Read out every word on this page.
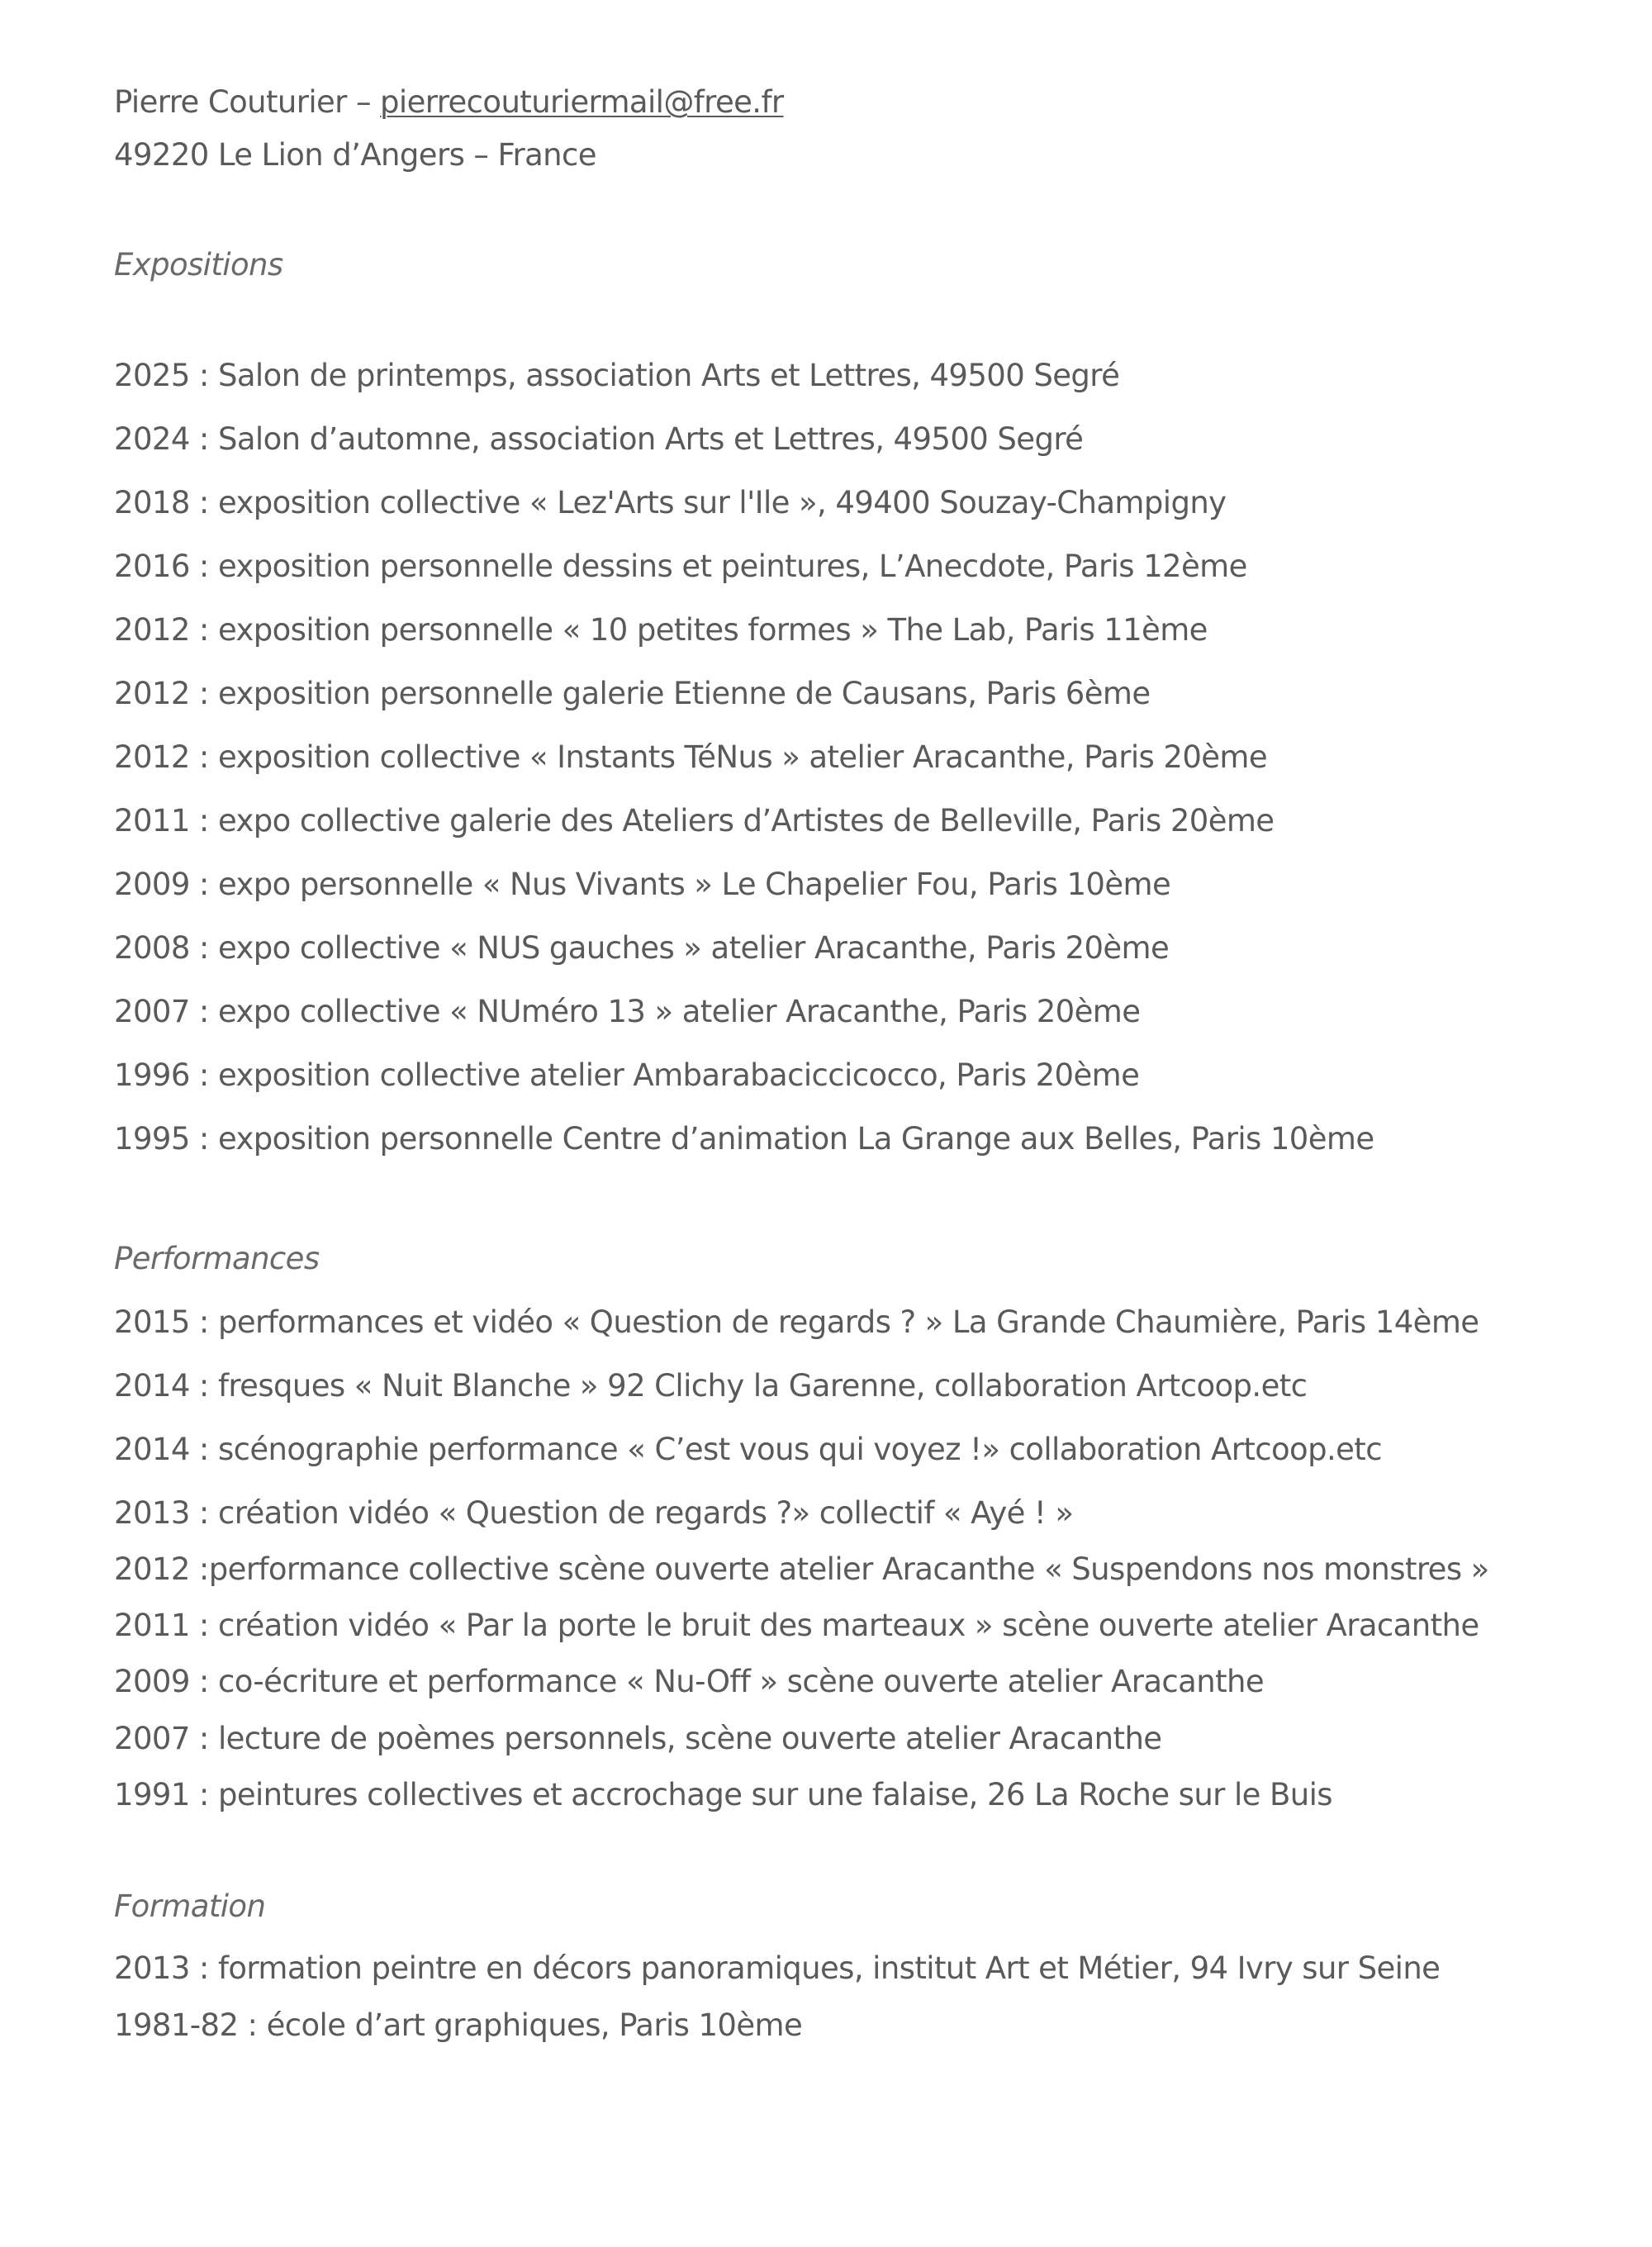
Pierre Couturier – pierrecouturiermail@free.fr
49220 Le Lion d’Angers – France
Expositions
2025 : Salon de printemps, association Arts et Lettres, 49500 Segré
2024 : Salon d’automne, association Arts et Lettres, 49500 Segré
2018 : exposition collective « Lez'Arts sur l'Ile », 49400 Souzay-Champigny
2016 : exposition personnelle dessins et peintures, L’Anecdote, Paris 12ème
2012 : exposition personnelle « 10 petites formes » The Lab, Paris 11ème
2012 : exposition personnelle galerie Etienne de Causans, Paris 6ème
2012 : exposition collective « Instants TéNus » atelier Aracanthe, Paris 20ème
2011 : expo collective galerie des Ateliers d’Artistes de Belleville, Paris 20ème
2009 : expo personnelle « Nus Vivants » Le Chapelier Fou, Paris 10ème
2008 : expo collective « NUS gauches » atelier Aracanthe, Paris 20ème
2007 : expo collective « NUméro 13 » atelier Aracanthe, Paris 20ème
1996 : exposition collective atelier Ambarabaciccicocco, Paris 20ème
1995 : exposition personnelle Centre d’animation La Grange aux Belles, Paris 10ème
Performances
2015 : performances et vidéo « Question de regards ? » La Grande Chaumière, Paris 14ème
2014 : fresques « Nuit Blanche » 92 Clichy la Garenne, collaboration Artcoop.etc
2014 : scénographie performance « C’est vous qui voyez !» collaboration Artcoop.etc
2013 : création vidéo « Question de regards ?» collectif « Ayé ! »
2012 :performance collective scène ouverte atelier Aracanthe « Suspendons nos monstres »
2011 : création vidéo « Par la porte le bruit des marteaux » scène ouverte atelier Aracanthe
2009 : co-écriture et performance « Nu-Off » scène ouverte atelier Aracanthe
2007 : lecture de poèmes personnels, scène ouverte atelier Aracanthe
1991 : peintures collectives et accrochage sur une falaise, 26 La Roche sur le Buis
Formation
2013 : formation peintre en décors panoramiques, institut Art et Métier, 94 Ivry sur Seine
1981-82 : école d’art graphiques, Paris 10ème
